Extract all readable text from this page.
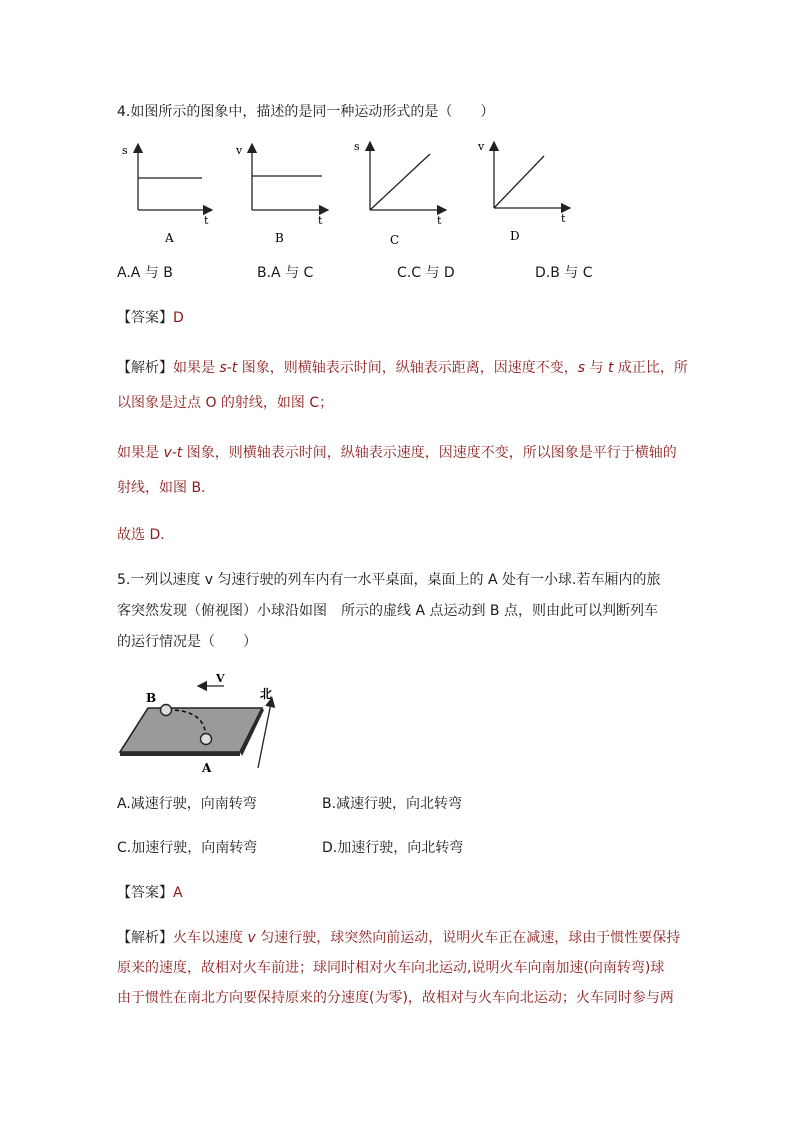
4.如图所示的图象中，描述的是同一种运动形式的是（　　）
s
t
A
v
t
B
s
t
C
v
t
D
A.A 与 B	B.A 与 C	C.C 与 D	D.B 与 C
【答案】D
【解析】如果是 s-t 图象，则横轴表示时间，纵轴表示距离，因速度不变，s 与 t 成正比，所
以图象是过点 O 的射线，如图 C；
如果是 v-t 图象，则横轴表示时间，纵轴表示速度，因速度不变，所以图象是平行于横轴的
射线，如图 B.
故选 D.
5.一列以速度 v 匀速行驶的列车内有一水平桌面，桌面上的 A 处有一小球.若车厢内的旅
客突然发现（俯视图）小球沿如图　所示的虚线 A 点运动到 B 点，则由此可以判断列车
的运行情况是（　　）
B
A
V
北
A.减速行驶，向南转弯	B.减速行驶，向北转弯
C.加速行驶，向南转弯	D.加速行驶，向北转弯
【答案】A
【解析】火车以速度 v 匀速行驶，球突然向前运动，说明火车正在减速，球由于惯性要保持
原来的速度，故相对火车前进；球同时相对火车向北运动,说明火车向南加速(向南转弯)球
由于惯性在南北方向要保持原来的分速度(为零)，故相对与火车向北运动；火车同时参与两
